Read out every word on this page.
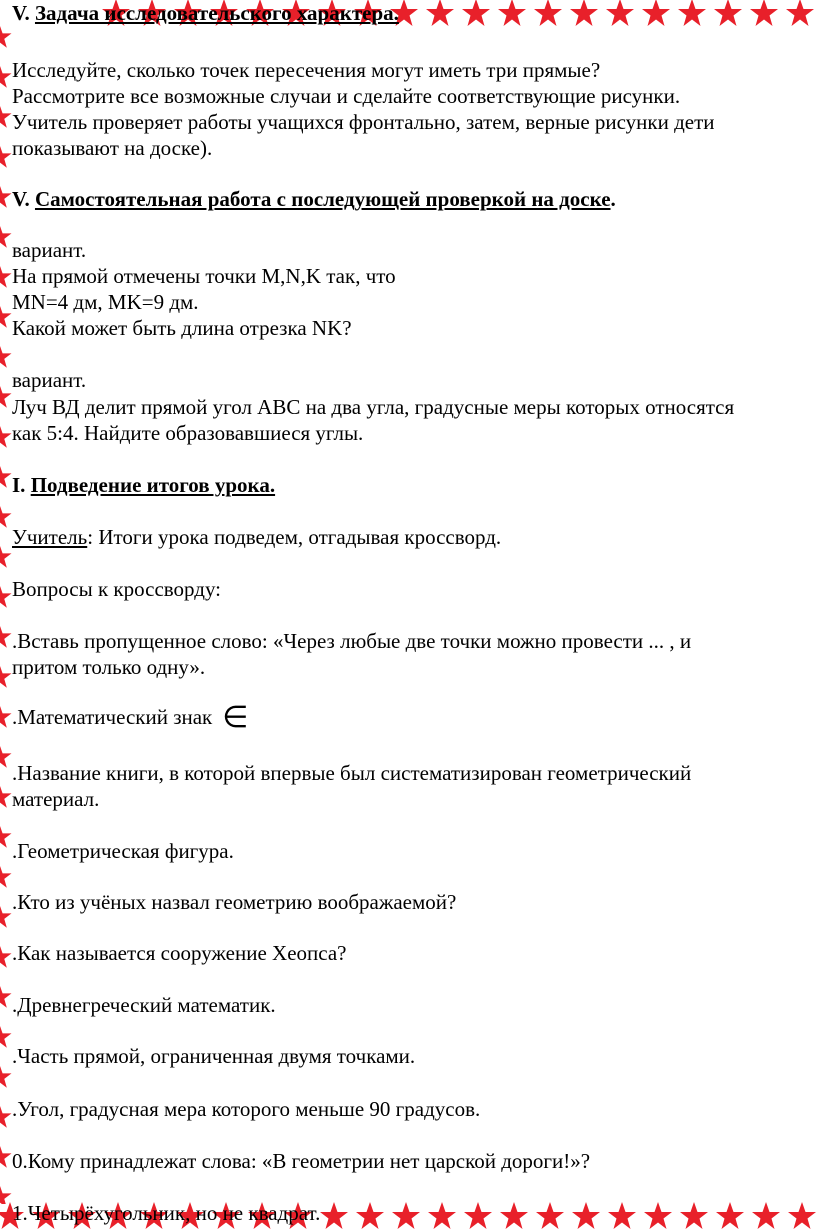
V. Задача исследовательского характера.

Исследуйте, сколько точек пересечения могут иметь три прямые?

Рассмотрите все возможные случаи и сделайте соответствующие рисунки.

Учитель проверяет работы учащихся фронтально, затем, верные рисунки дети

показывают на доске).

V. Самостоятельная работа с последующей проверкой на доске.

вариант.

На прямой отмечены точки M,N,K так, что

MN=4 дм, MK=9 дм.

Какой может быть длина отрезка NK?

вариант.

Луч ВД делит прямой угол АВС на два угла, градусные меры которых относятся

как 5:4. Найдите образовавшиеся углы.

I. Подведение итогов урока.

Учитель: Итоги урока подведем, отгадывая кроссворд.

Вопросы к кроссворду:

.Вставь пропущенное слово: «Через любые две точки можно провести ... , и

притом только одну».

.Математический знак ∈

.Название книги, в которой впервые был систематизирован геометрический

материал.

.Геометрическая фигура.

.Кто из учёных назвал геометрию воображаемой?

.Как называется сооружение Хеопса?

.Древнегреческий математик.

.Часть прямой, ограниченная двумя точками.

.Угол, градусная мера которого меньше 90 градусов.

0.Кому принадлежат слова: «В геометрии нет царской дороги!»?

1.Четырёхугольник, но не квадрат.
